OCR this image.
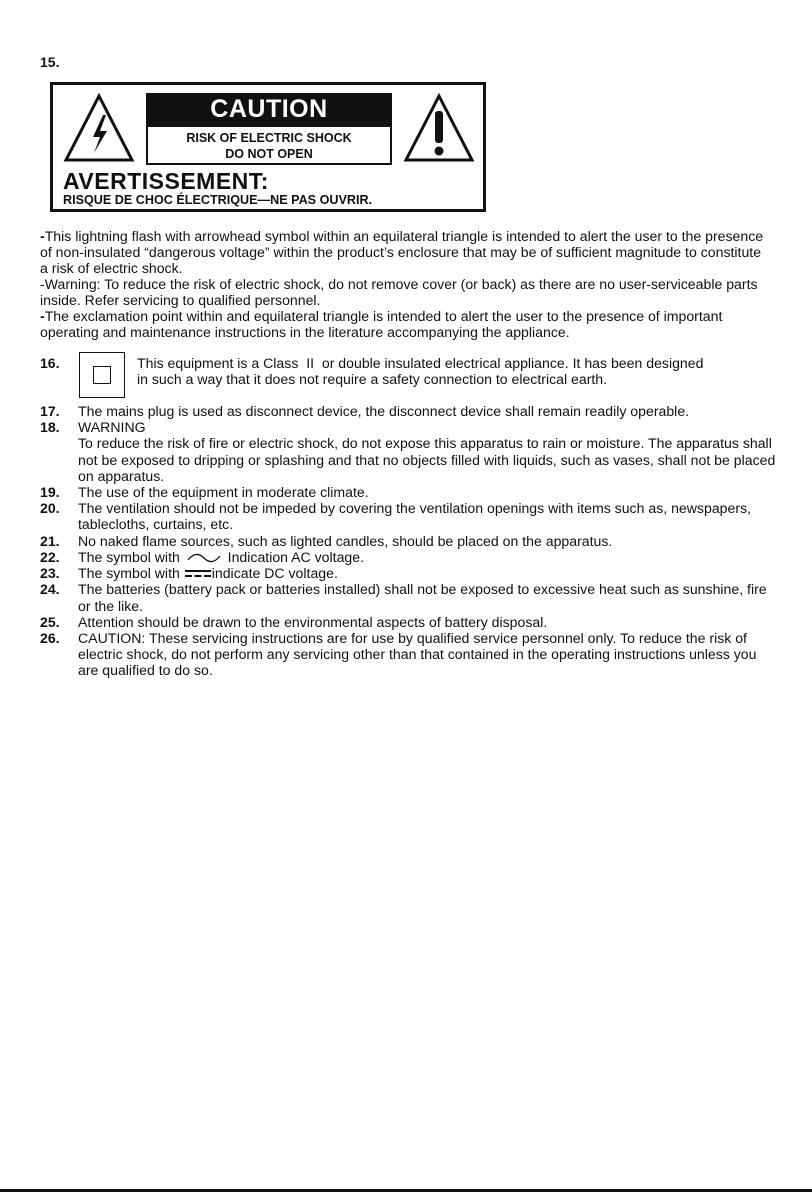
15.
CAUTION
RISK OF ELECTRIC SHOCK
DO NOT OPEN
AVERTISSEMENT:
RISQUE DE CHOC ÉLECTRIQUE—NE PAS OUVRIR.
-This lightning flash with arrowhead symbol within an equilateral triangle is intended to alert the user to the presence of non-insulated “dangerous voltage” within the product’s enclosure that may be of sufficient magnitude to constitute a risk of electric shock.
-Warning: To reduce the risk of electric shock, do not remove cover (or back) as there are no user-serviceable parts inside. Refer servicing to qualified personnel.
-The exclamation point within and equilateral triangle is intended to alert the user to the presence of important operating and maintenance instructions in the literature accompanying the appliance.
16.	This equipment is a Class  II  or double insulated electrical appliance. It has been designed
in such a way that it does not require a safety connection to electrical earth.
17.	The mains plug is used as disconnect device, the disconnect device shall remain readily operable.
18.	WARNING
To reduce the risk of fire or electric shock, do not expose this apparatus to rain or moisture. The apparatus shall not be exposed to dripping or splashing and that no objects filled with liquids, such as vases, shall not be placed on apparatus.
19.	The use of the equipment in moderate climate.
20.	The ventilation should not be impeded by covering the ventilation openings with items such as, newspapers, tablecloths, curtains, etc.
21.	No naked flame sources, such as lighted candles, should be placed on the apparatus.
22.	The symbol with	Indication AC voltage.
23.	The symbol with indicate DC voltage.
24.	The batteries (battery pack or batteries installed) shall not be exposed to excessive heat such as sunshine, fire or the like.
25.	Attention should be drawn to the environmental aspects of battery disposal.
26.	CAUTION: These servicing instructions are for use by qualified service personnel only. To reduce the risk of electric shock, do not perform any servicing other than that contained in the operating instructions unless you are qualified to do so.
